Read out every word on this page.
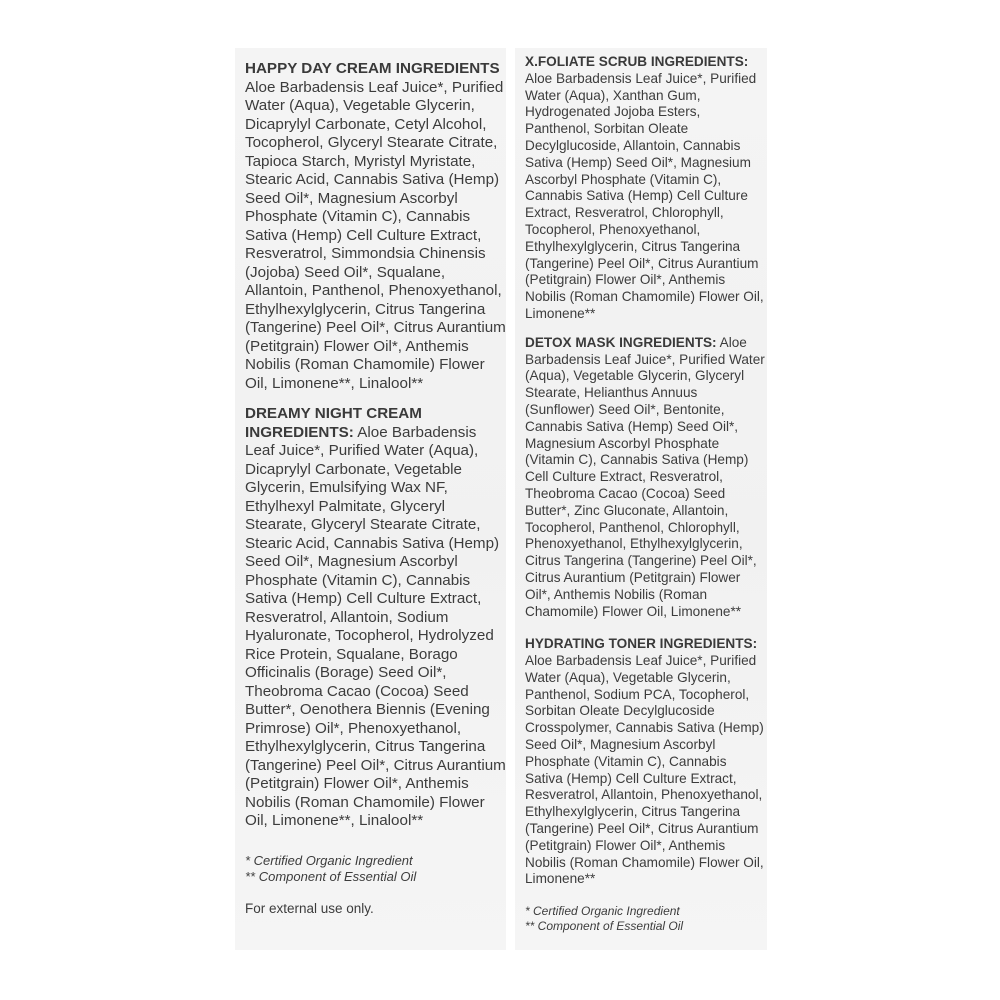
HAPPY DAY CREAM INGREDIENTS Aloe Barbadensis Leaf Juice*, Purified Water (Aqua), Vegetable Glycerin, Dicaprylyl Carbonate, Cetyl Alcohol, Tocopherol, Glyceryl Stearate Citrate, Tapioca Starch, Myristyl Myristate, Stearic Acid, Cannabis Sativa (Hemp) Seed Oil*, Magnesium Ascorbyl Phosphate (Vitamin C), Cannabis Sativa (Hemp) Cell Culture Extract, Resveratrol, Simmondsia Chinensis (Jojoba) Seed Oil*, Squalane, Allantoin, Panthenol, Phenoxyethanol, Ethylhexylglycerin, Citrus Tangerina (Tangerine) Peel Oil*, Citrus Aurantium (Petitgrain) Flower Oil*, Anthemis Nobilis (Roman Chamomile) Flower Oil, Limonene**, Linalool**

DREAMY NIGHT CREAM INGREDIENTS: Aloe Barbadensis Leaf Juice*, Purified Water (Aqua), Dicaprylyl Carbonate, Vegetable Glycerin, Emulsifying Wax NF, Ethylhexyl Palmitate, Glyceryl Stearate, Glyceryl Stearate Citrate, Stearic Acid, Cannabis Sativa (Hemp) Seed Oil*, Magnesium Ascorbyl Phosphate (Vitamin C), Cannabis Sativa (Hemp) Cell Culture Extract, Resveratrol, Allantoin, Sodium Hyaluronate, Tocopherol, Hydrolyzed Rice Protein, Squalane, Borago Officinalis (Borage) Seed Oil*, Theobroma Cacao (Cocoa) Seed Butter*, Oenothera Biennis (Evening Primrose) Oil*, Phenoxyethanol, Ethylhexylglycerin, Citrus Tangerina (Tangerine) Peel Oil*, Citrus Aurantium (Petitgrain) Flower Oil*, Anthemis Nobilis (Roman Chamomile) Flower Oil, Limonene**, Linalool**

* Certified Organic Ingredient
** Component of Essential Oil
For external use only.

X.FOLIATE SCRUB INGREDIENTS: Aloe Barbadensis Leaf Juice*, Purified Water (Aqua), Xanthan Gum, Hydrogenated Jojoba Esters, Panthenol, Sorbitan Oleate Decylglucoside, Allantoin, Cannabis Sativa (Hemp) Seed Oil*, Magnesium Ascorbyl Phosphate (Vitamin C), Cannabis Sativa (Hemp) Cell Culture Extract, Resveratrol, Chlorophyll, Tocopherol, Phenoxyethanol, Ethylhexylglycerin, Citrus Tangerina (Tangerine) Peel Oil*, Citrus Aurantium (Petitgrain) Flower Oil*, Anthemis Nobilis (Roman Chamomile) Flower Oil, Limonene**

DETOX MASK INGREDIENTS: Aloe Barbadensis Leaf Juice*, Purified Water (Aqua), Vegetable Glycerin, Glyceryl Stearate, Helianthus Annuus (Sunflower) Seed Oil*, Bentonite, Cannabis Sativa (Hemp) Seed Oil*, Magnesium Ascorbyl Phosphate (Vitamin C), Cannabis Sativa (Hemp) Cell Culture Extract, Resveratrol, Theobroma Cacao (Cocoa) Seed Butter*, Zinc Gluconate, Allantoin, Tocopherol, Panthenol, Chlorophyll, Phenoxyethanol, Ethylhexylglycerin, Citrus Tangerina (Tangerine) Peel Oil*, Citrus Aurantium (Petitgrain) Flower Oil*, Anthemis Nobilis (Roman Chamomile) Flower Oil, Limonene**

HYDRATING TONER INGREDIENTS: Aloe Barbadensis Leaf Juice*, Purified Water (Aqua), Vegetable Glycerin, Panthenol, Sodium PCA, Tocopherol, Sorbitan Oleate Decylglucoside Crosspolymer, Cannabis Sativa (Hemp) Seed Oil*, Magnesium Ascorbyl Phosphate (Vitamin C), Cannabis Sativa (Hemp) Cell Culture Extract, Resveratrol, Allantoin, Phenoxyethanol, Ethylhexylglycerin, Citrus Tangerina (Tangerine) Peel Oil*, Citrus Aurantium (Petitgrain) Flower Oil*, Anthemis Nobilis (Roman Chamomile) Flower Oil, Limonene**

* Certified Organic Ingredient
** Component of Essential Oil
